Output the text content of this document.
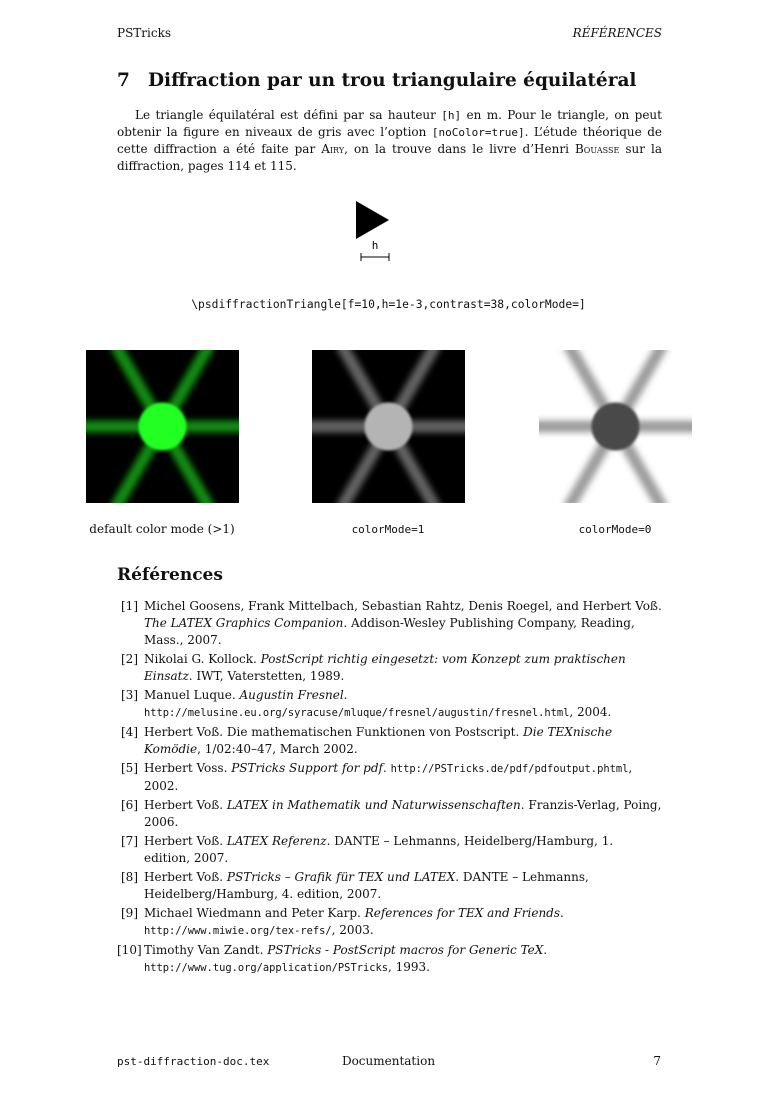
PSTricks	RÉFÉRENCES
7 Diffraction par un trou triangulaire équilatéral
Le triangle équilatéral est défini par sa hauteur [h] en m. Pour le triangle, on peut obtenir la figure en niveaux de gris avec l’option [noColor=true]. L’étude théorique de cette diffraction a été faite par Airy, on la trouve dans le livre d’Henri Bouasse sur la diffraction, pages 114 et 115.
h
\psdiffractionTriangle[f=10,h=1e-3,contrast=38,colorMode=]
default color mode (>1)	colorMode=1	colorMode=0
Références
[1] Michel Goosens, Frank Mittelbach, Sebastian Rahtz, Denis Roegel, and Herbert Voß. The LATEX Graphics Companion. Addison-Wesley Publishing Company, Reading, Mass., 2007.
[2] Nikolai G. Kollock. PostScript richtig eingesetzt: vom Konzept zum praktischen Einsatz. IWT, Vaterstetten, 1989.
[3] Manuel Luque. Augustin Fresnel. http://melusine.eu.org/syracuse/mluque/fresnel/augustin/fresnel.html, 2004.
[4] Herbert Voß. Die mathematischen Funktionen von Postscript. Die TEXnische Komödie, 1/02:40–47, March 2002.
[5] Herbert Voss. PSTricks Support for pdf. http://PSTricks.de/pdf/pdfoutput.phtml, 2002.
[6] Herbert Voß. LATEX in Mathematik und Naturwissenschaften. Franzis-Verlag, Poing, 2006.
[7] Herbert Voß. LATEX Referenz. DANTE – Lehmanns, Heidelberg/Hamburg, 1. edition, 2007.
[8] Herbert Voß. PSTricks – Grafik für TEX und LATEX. DANTE – Lehmanns, Heidelberg/Hamburg, 4. edition, 2007.
[9] Michael Wiedmann and Peter Karp. References for TEX and Friends. http://www.miwie.org/tex-refs/, 2003.
[10] Timothy Van Zandt. PSTricks - PostScript macros for Generic TeX. http://www.tug.org/application/PSTricks, 1993.
pst-diffraction-doc.tex	Documentation	7
